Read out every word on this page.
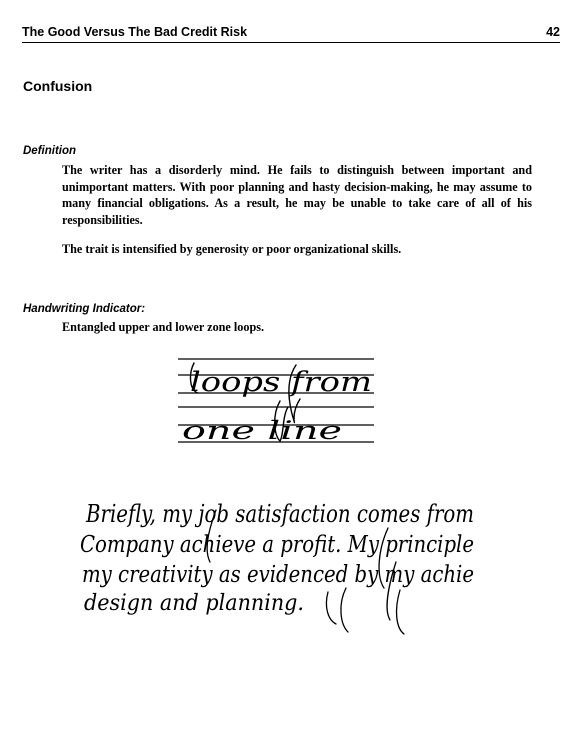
The Good Versus The Bad Credit Risk	42
Confusion
Definition

The writer has a disorderly mind. He fails to distinguish between important and unimportant matters. With poor planning and hasty decision-making, he may assume to many financial obligations. As a result, he may be unable to take care of all of his responsibilities.

The trait is intensified by generosity or poor organizational skills.

Handwriting Indicator:

Entangled upper and lower zone loops.

loops from
one line
Briefly, my job satisfaction comes from
Company achieve a profit. My principle
my creativity as evidenced by my achie
design and planning.
